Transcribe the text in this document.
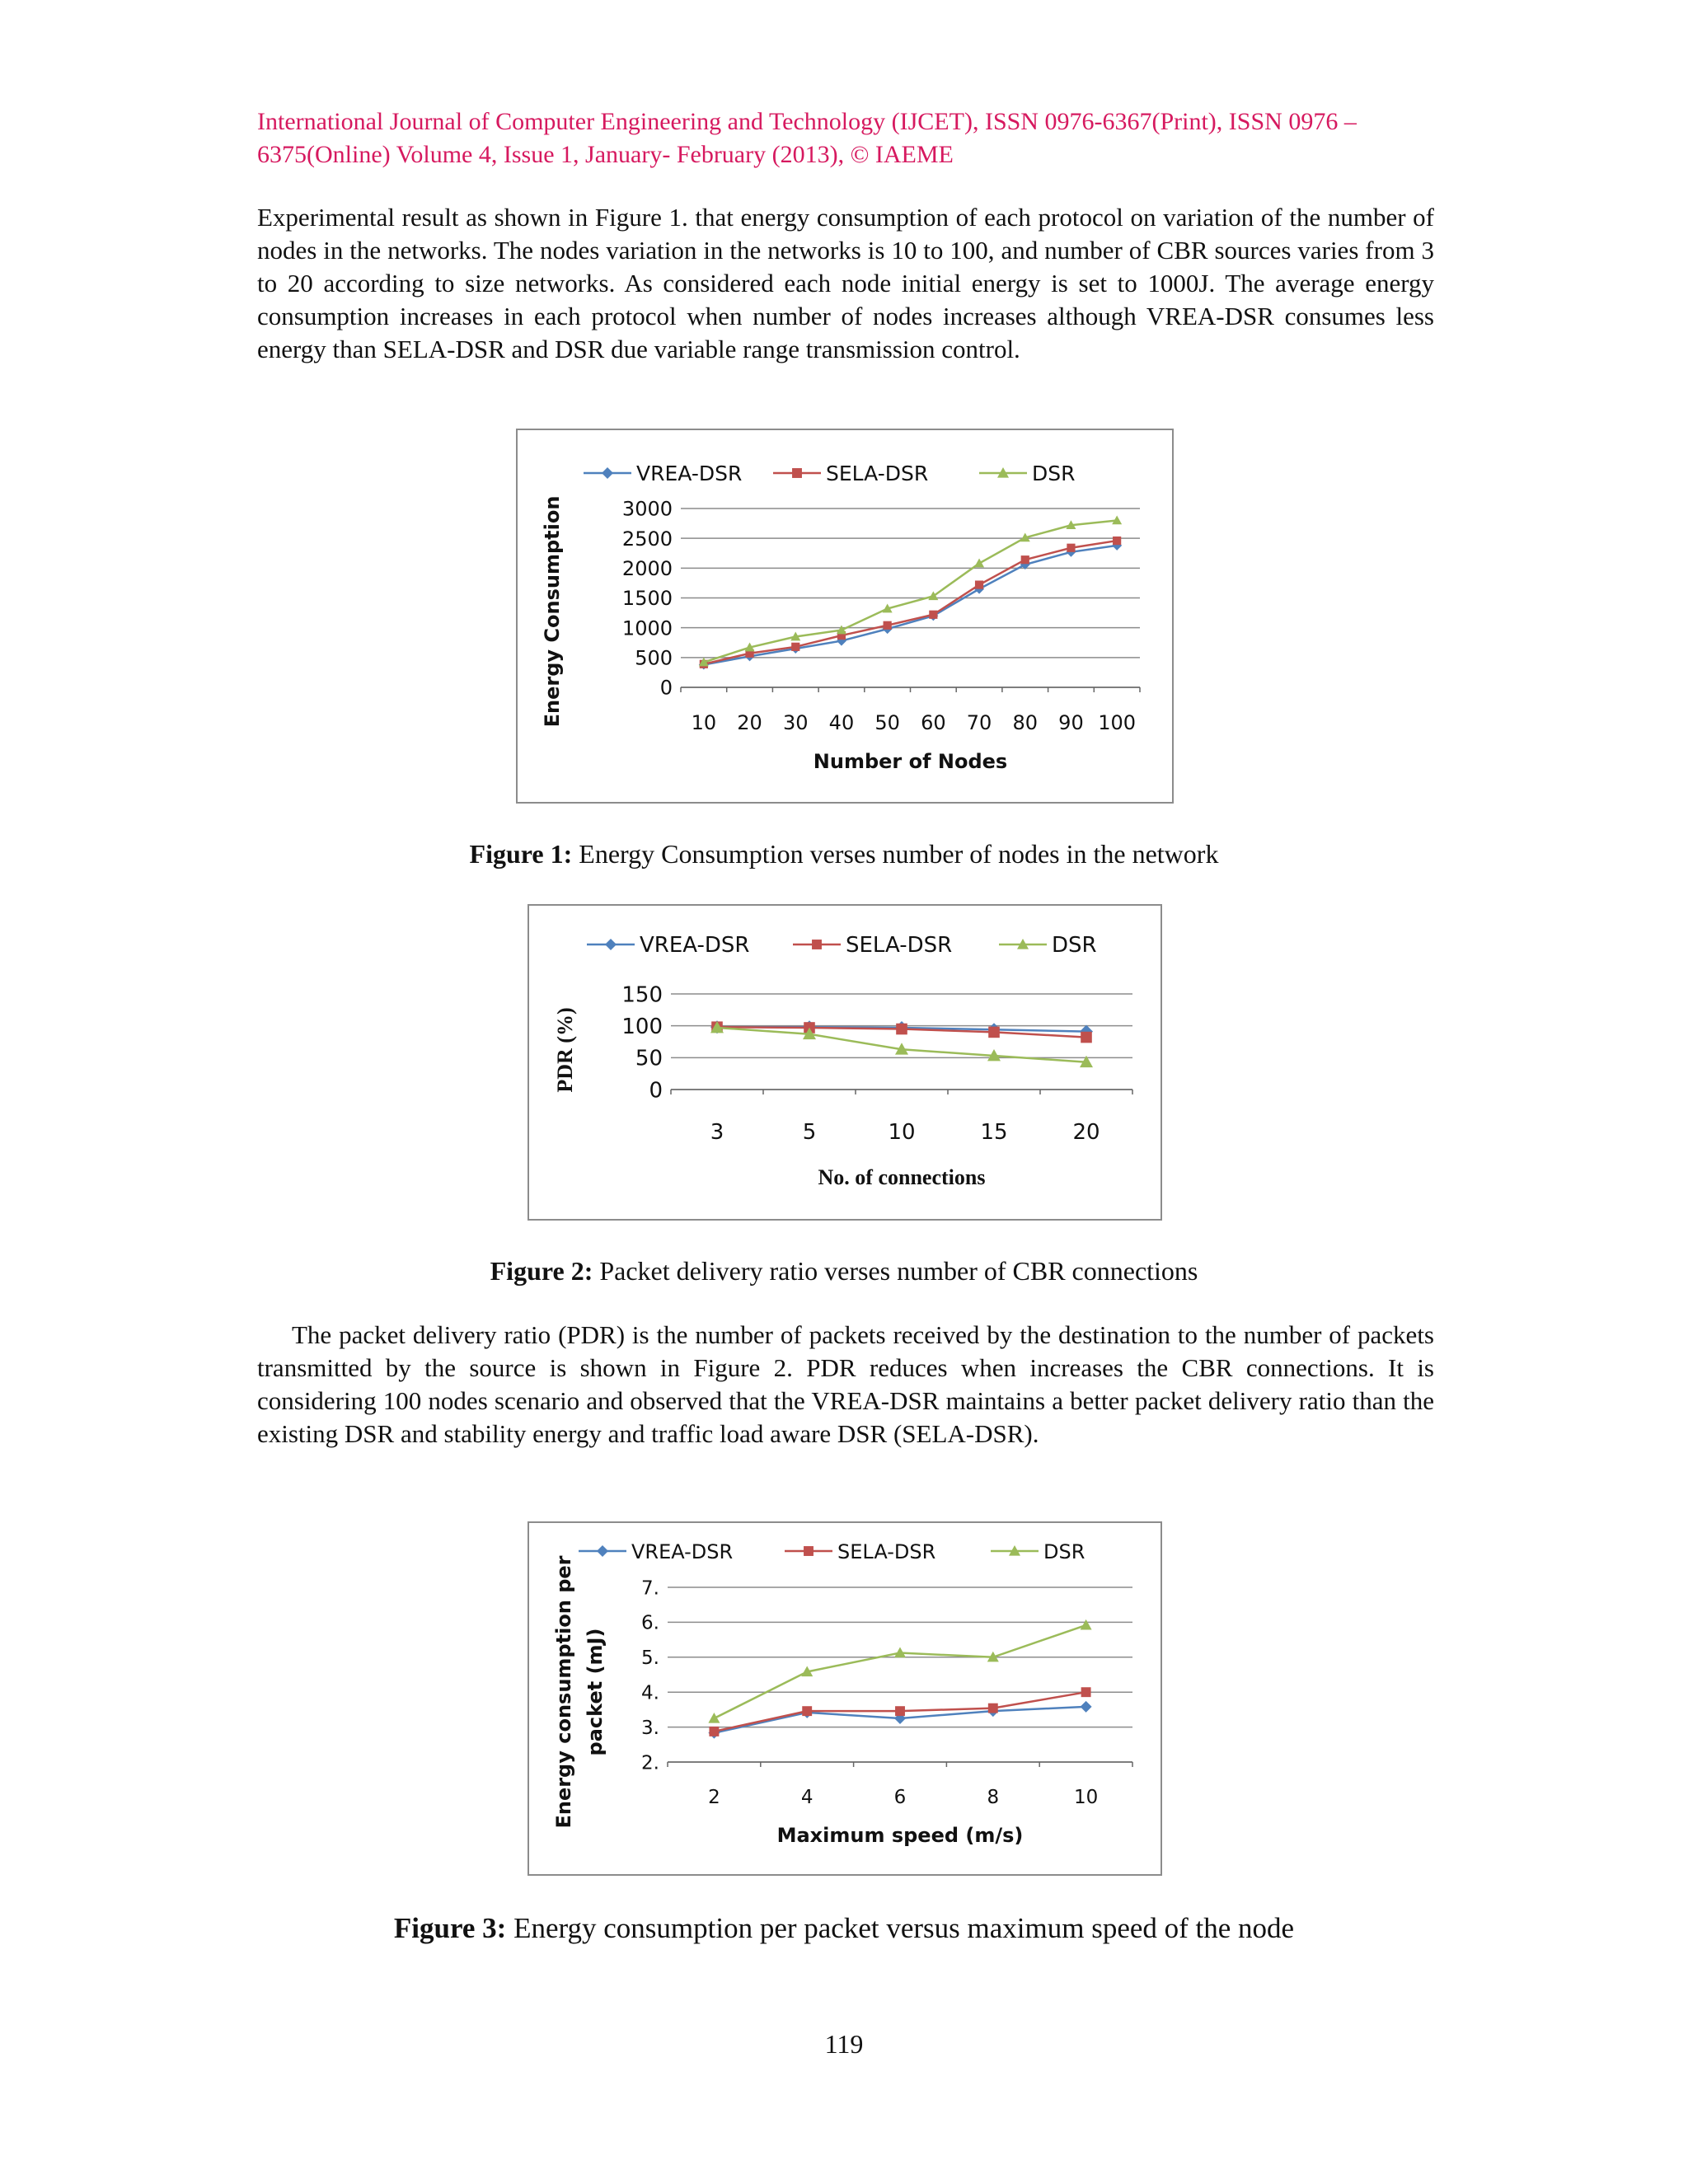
International Journal of Computer Engineering and Technology (IJCET), ISSN 0976-6367(Print), ISSN 0976 –
6375(Online) Volume 4, Issue 1, January- February (2013), © IAEME
Experimental result as shown in Figure 1. that energy consumption of each protocol on variation of the number of nodes in the networks. The nodes variation in the networks is 10 to 100, and number of CBR sources varies from 3 to 20 according to size networks. As considered each node initial energy is set to 1000J. The average energy consumption increases in each protocol when number of nodes increases although VREA-DSR consumes less energy than SELA-DSR and DSR due variable range transmission control.
VREA-DSR	SELA-DSR	DSR
0
500
1000
1500
2000
2500
3000
10 20 30 40 50 60 70 80 90 100
Number of Nodes
Energy Consumption
Figure 1: Energy Consumption verses number of nodes in the network
VREA-DSR	SELA-DSR	DSR
0
50
100
150
3	5	10	15	20
No. of connections
PDR (%)
Figure 2: Packet delivery ratio verses number of CBR connections
The packet delivery ratio (PDR) is the number of packets received by the destination to the number of packets transmitted by the source is shown in Figure 2. PDR reduces when increases the CBR connections. It is considering 100 nodes scenario and observed that the VREA-DSR maintains a better packet delivery ratio than the existing DSR and stability energy and traffic load aware DSR (SELA-DSR).
VREA-DSR	SELA-DSR	DSR
2.
3.
4.
5.
6.
7.
2	4	6	8	10
Maximum speed (m/s)
Energy consumption per packet (mJ)
Figure 3: Energy consumption per packet versus maximum speed of the node
119
